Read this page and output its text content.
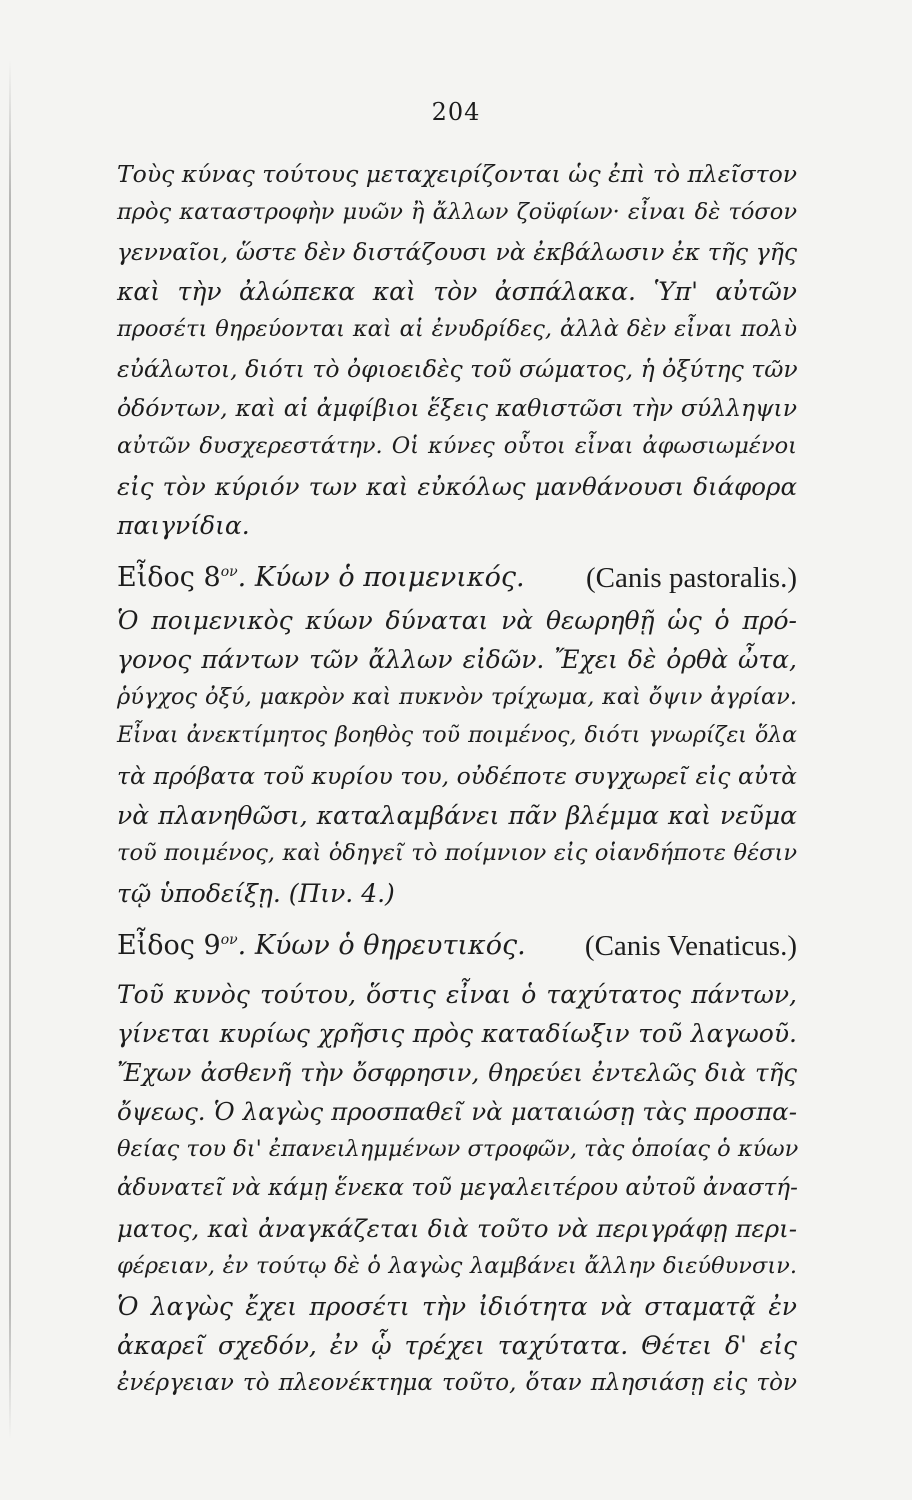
204
Τοὺς κύνας τούτους μεταχειρίζονται ὡς ἐπὶ τὸ πλεῖστον
πρὸς καταστροφὴν μυῶν ἢ ἄλλων ζοϋφίων· εἶναι δὲ τόσον
γενναῖοι, ὥστε δὲν διστάζουσι νὰ ἐκβάλωσιν ἐκ τῆς γῆς
καὶ τὴν ἀλώπεκα καὶ τὸν ἀσπάλακα. Ὑπ' αὐτῶν
προσέτι θηρεύονται καὶ αἱ ἐνυδρίδες, ἀλλὰ δὲν εἶναι πολὺ
εὐάλωτοι, διότι τὸ ὀφιοειδὲς τοῦ σώματος, ἡ ὀξύτης τῶν
ὀδόντων, καὶ αἱ ἀμφίβιοι ἕξεις καθιστῶσι τὴν σύλληψιν
αὐτῶν δυσχερεστάτην. Οἱ κύνες οὗτοι εἶναι ἀφωσιωμένοι
εἰς τὸν κύριόν των καὶ εὐκόλως μανθάνουσι διάφορα
παιγνίδια.
Εἶδος $8^{o\nu}$. Κύων ὁ ποιμενικός. (Canis pastoralis.)
Ὁ ποιμενικὸς κύων δύναται νὰ θεωρηθῇ ὡς ὁ πρό-
γονος πάντων τῶν ἄλλων εἰδῶν. Ἔχει δὲ ὀρθὰ ὦτα,
ῥύγχος ὀξύ, μακρὸν καὶ πυκνὸν τρίχωμα, καὶ ὄψιν ἀγρίαν.
Εἶναι ἀνεκτίμητος βοηθὸς τοῦ ποιμένος, διότι γνωρίζει ὅλα
τὰ πρόβατα τοῦ κυρίου του, οὐδέποτε συγχωρεῖ εἰς αὐτὰ
νὰ πλανηθῶσι, καταλαμβάνει πᾶν βλέμμα καὶ νεῦμα
τοῦ ποιμένος, καὶ ὁδηγεῖ τὸ ποίμνιον εἰς οἱανδήποτε θέσιν
τῷ ὑποδείξῃ. (Πιν. 4.)
Εἶδος $9^{o\nu}$. Κύων ὁ θηρευτικός. (Canis Venaticus.)
Τοῦ κυνὸς τούτου, ὅστις εἶναι ὁ ταχύτατος πάντων,
γίνεται κυρίως χρῆσις πρὸς καταδίωξιν τοῦ λαγωοῦ.
Ἔχων ἀσθενῆ τὴν ὄσφρησιν, θηρεύει ἐντελῶς διὰ τῆς
ὄψεως. Ὁ λαγὼς προσπαθεῖ νὰ ματαιώσῃ τὰς προσπα-
θείας του δι' ἐπανειλημμένων στροφῶν, τὰς ὁποίας ὁ κύων
ἀδυνατεῖ νὰ κάμῃ ἕνεκα τοῦ μεγαλειτέρου αὐτοῦ ἀναστή-
ματος, καὶ ἀναγκάζεται διὰ τοῦτο νὰ περιγράφῃ περι-
φέρειαν, ἐν τούτῳ δὲ ὁ λαγὼς λαμβάνει ἄλλην διεύθυνσιν.
Ὁ λαγὼς ἔχει προσέτι τὴν ἰδιότητα νὰ σταματᾷ ἐν
ἀκαρεῖ σχεδόν, ἐν ᾧ τρέχει ταχύτατα. Θέτει δ' εἰς
ἐνέργειαν τὸ πλεονέκτημα τοῦτο, ὅταν πλησιάσῃ εἰς τὸν
